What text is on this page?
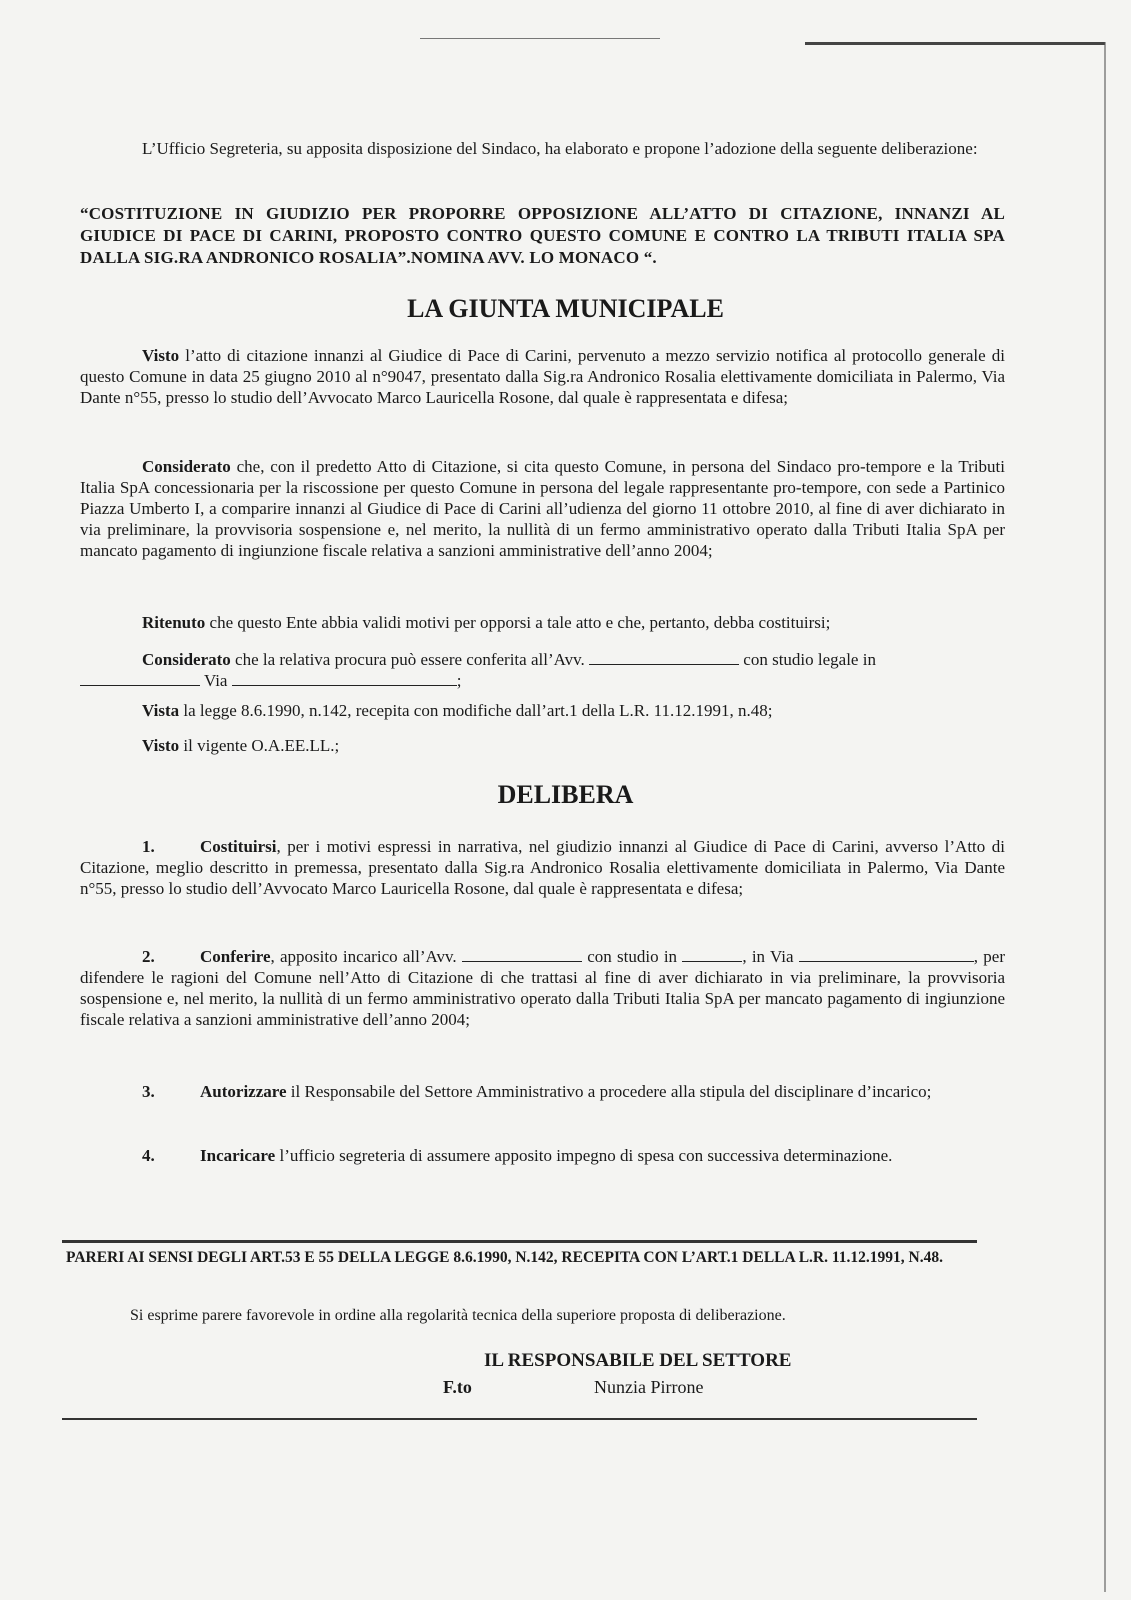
L’Ufficio Segreteria, su apposita disposizione del Sindaco, ha elaborato e propone l’adozione della seguente deliberazione:
“COSTITUZIONE IN GIUDIZIO PER PROPORRE OPPOSIZIONE ALL’ATTO DI CITAZIONE, INNANZI AL GIUDICE DI PACE DI CARINI, PROPOSTO CONTRO QUESTO COMUNE E CONTRO LA TRIBUTI ITALIA SPA DALLA SIG.RA ANDRONICO ROSALIA”.NOMINA AVV. LO MONACO “.
LA GIUNTA MUNICIPALE
Visto l’atto di citazione innanzi al Giudice di Pace di Carini, pervenuto a mezzo servizio notifica al protocollo generale di questo Comune in data 25 giugno 2010 al n°9047, presentato dalla Sig.ra Andronico Rosalia elettivamente domiciliata in Palermo, Via Dante n°55, presso lo studio dell’Avvocato Marco Lauricella Rosone, dal quale è rappresentata e difesa;
Considerato che, con il predetto Atto di Citazione, si cita questo Comune, in persona del Sindaco pro-tempore e la Tributi Italia SpA concessionaria per la riscossione per questo Comune in persona del legale rappresentante pro-tempore, con sede a Partinico Piazza Umberto I, a comparire innanzi al Giudice di Pace di Carini all’udienza del giorno 11 ottobre 2010, al fine di aver dichiarato in via preliminare, la provvisoria sospensione e, nel merito, la nullità di un fermo amministrativo operato dalla Tributi Italia SpA per mancato pagamento di ingiunzione fiscale relativa a sanzioni amministrative dell’anno 2004;
Ritenuto che questo Ente abbia validi motivi per opporsi a tale atto e che, pertanto, debba costituirsi;
Considerato che la relativa procura può essere conferita all’Avv.	con studio legale in
Via	;
Vista la legge 8.6.1990, n.142, recepita con modifiche dall’art.1 della L.R. 11.12.1991, n.48;
Visto il vigente O.A.EE.LL.;
DELIBERA
1.	Costituirsi, per i motivi espressi in narrativa, nel giudizio innanzi al Giudice di Pace di Carini, avverso l’Atto di Citazione, meglio descritto in premessa, presentato dalla Sig.ra Andronico Rosalia elettivamente domiciliata in Palermo, Via Dante n°55, presso lo studio dell’Avvocato Marco Lauricella Rosone, dal quale è rappresentata e difesa;
2.	Conferire, apposito incarico all’Avv.	con studio in	, in Via	, per difendere le ragioni del Comune nell’Atto di Citazione di che trattasi al fine di aver dichiarato in via preliminare, la provvisoria sospensione e, nel merito, la nullità di un fermo amministrativo operato dalla Tributi Italia SpA per mancato pagamento di ingiunzione fiscale relativa a sanzioni amministrative dell’anno 2004;
3.	Autorizzare il Responsabile del Settore Amministrativo a procedere alla stipula del disciplinare d’incarico;
4.	Incaricare l’ufficio segreteria di assumere apposito impegno di spesa con successiva determinazione.
PARERI AI SENSI DEGLI ART.53 E 55 DELLA LEGGE 8.6.1990, N.142, RECEPITA CON L’ART.1 DELLA L.R. 11.12.1991, N.48.
Si esprime parere favorevole in ordine alla regolarità tecnica della superiore proposta di deliberazione.
IL RESPONSABILE DEL SETTORE
F.to	Nunzia Pirrone
